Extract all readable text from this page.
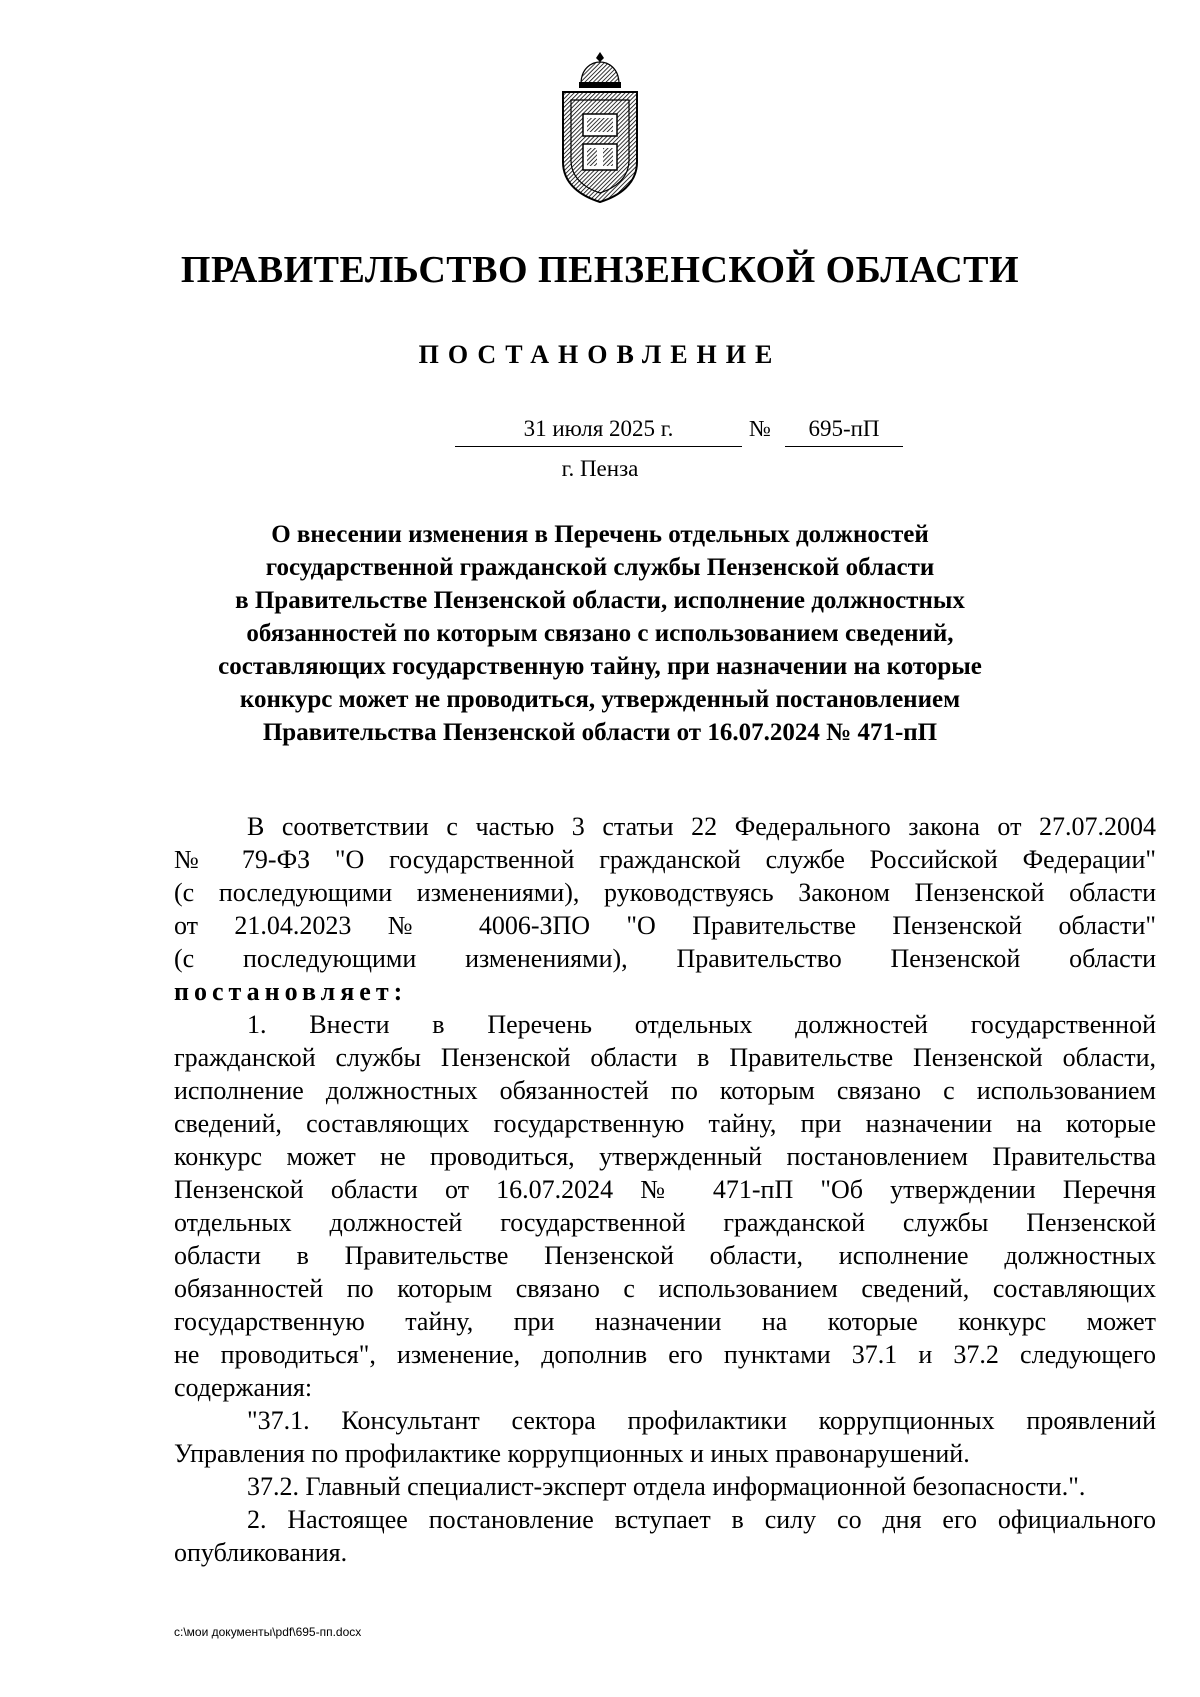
ПРАВИТЕЛЬСТВО ПЕНЗЕНСКОЙ ОБЛАСТИ
ПОСТАНОВЛЕНИЕ
31 июля 2025 г.	№	695-пП
г. Пенза
О внесении изменения в Перечень отдельных должностей
государственной гражданской службы Пензенской области
в Правительстве Пензенской области, исполнение должностных
обязанностей по которым связано с использованием сведений,
составляющих государственную тайну, при назначении на которые
конкурс может не проводиться, утвержденный постановлением
Правительства Пензенской области от 16.07.2024 № 471-пП
В соответствии с частью 3 статьи 22 Федерального закона от 27.07.2004
№ 79-ФЗ "О государственной гражданской службе Российской Федерации"
(с последующими изменениями), руководствуясь Законом Пензенской области
от 21.04.2023 № 4006-ЗПО "О Правительстве Пензенской области"
(с последующими изменениями), Правительство Пензенской области
постановляет:
1. Внести в Перечень отдельных должностей государственной
гражданской службы Пензенской области в Правительстве Пензенской области,
исполнение должностных обязанностей по которым связано с использованием
сведений, составляющих государственную тайну, при назначении на которые
конкурс может не проводиться, утвержденный постановлением Правительства
Пензенской области от 16.07.2024 № 471-пП "Об утверждении Перечня
отдельных должностей государственной гражданской службы Пензенской
области в Правительстве Пензенской области, исполнение должностных
обязанностей по которым связано с использованием сведений, составляющих
государственную тайну, при назначении на которые конкурс может
не проводиться", изменение, дополнив его пунктами 37.1 и 37.2 следующего
содержания:
"37.1. Консультант сектора профилактики коррупционных проявлений
Управления по профилактике коррупционных и иных правонарушений.
37.2. Главный специалист-эксперт отдела информационной безопасности.".
2. Настоящее постановление вступает в силу со дня его официального
опубликования.
c:\мои документы\pdf\695-пп.docx
